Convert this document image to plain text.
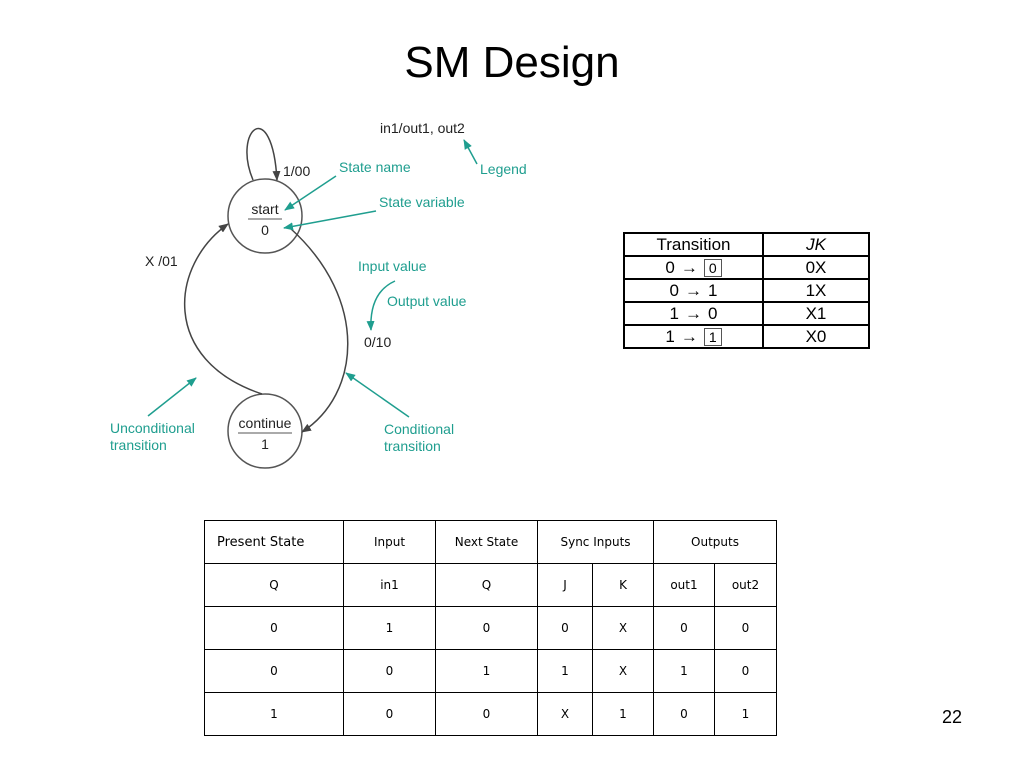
SM Design
start
0
continue
1
1/00
X /01
0/10
in1/out1, out2
State name
State variable
Legend
Input value
Output value
Unconditional
transition
Conditional
transition
Transition	JK
0 → 0	0X
0 → 1	1X
1 → 0	X1
1 → 1	X0
Present State	Input	Next State	Sync Inputs		Outputs	
Q	in1	Q	J	K	out1	out2
0	1	0	0	X	0	0
0	0	1	1	X	1	0
1	0	0	X	1	0	1	22
